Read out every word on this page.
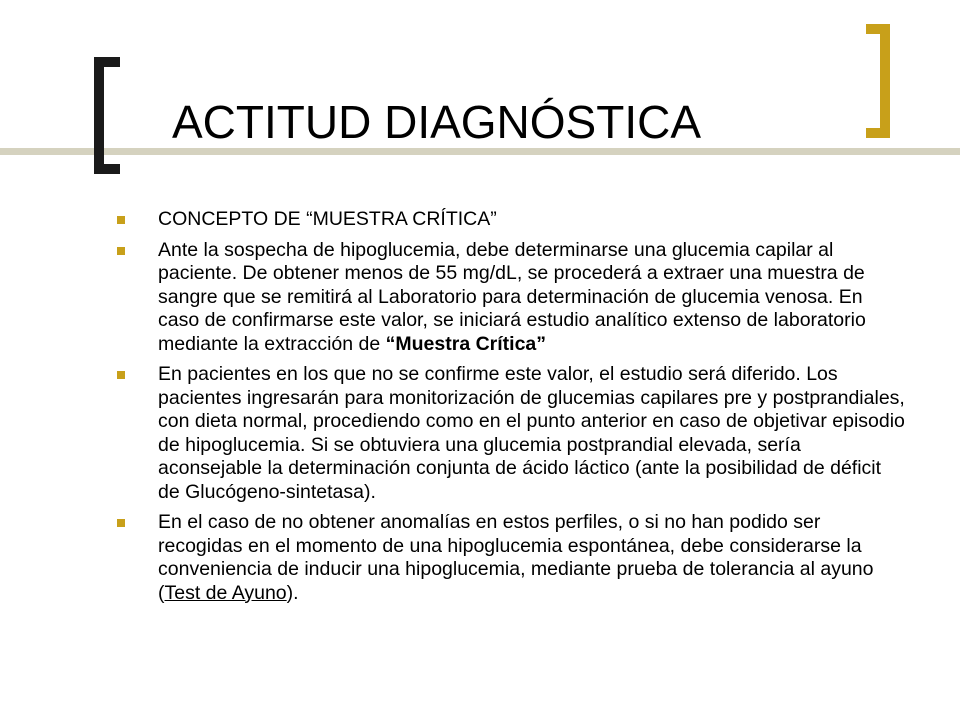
ACTITUD DIAGNÓSTICA
CONCEPTO DE “MUESTRA CRÍTICA”
Ante la sospecha de hipoglucemia, debe determinarse una glucemia capilar al paciente. De obtener menos de 55 mg/dL, se procederá a extraer una muestra de sangre que se remitirá al Laboratorio para determinación de glucemia venosa. En caso de confirmarse este valor, se iniciará estudio analítico extenso de laboratorio mediante la extracción de “Muestra Crítica”
En pacientes en los que no se confirme este valor, el estudio será diferido. Los pacientes ingresarán para monitorización de glucemias capilares pre y postprandiales, con dieta normal, procediendo como en el punto anterior en caso de objetivar episodio de hipoglucemia. Si se obtuviera una glucemia postprandial elevada, sería aconsejable la determinación conjunta de ácido láctico (ante la posibilidad de déficit de Glucógeno-sintetasa).
En el caso de no obtener anomalías en estos perfiles, o si no han podido ser recogidas en el momento de una hipoglucemia espontánea, debe considerarse la conveniencia de inducir una hipoglucemia, mediante prueba de tolerancia al ayuno (Test de Ayuno).
